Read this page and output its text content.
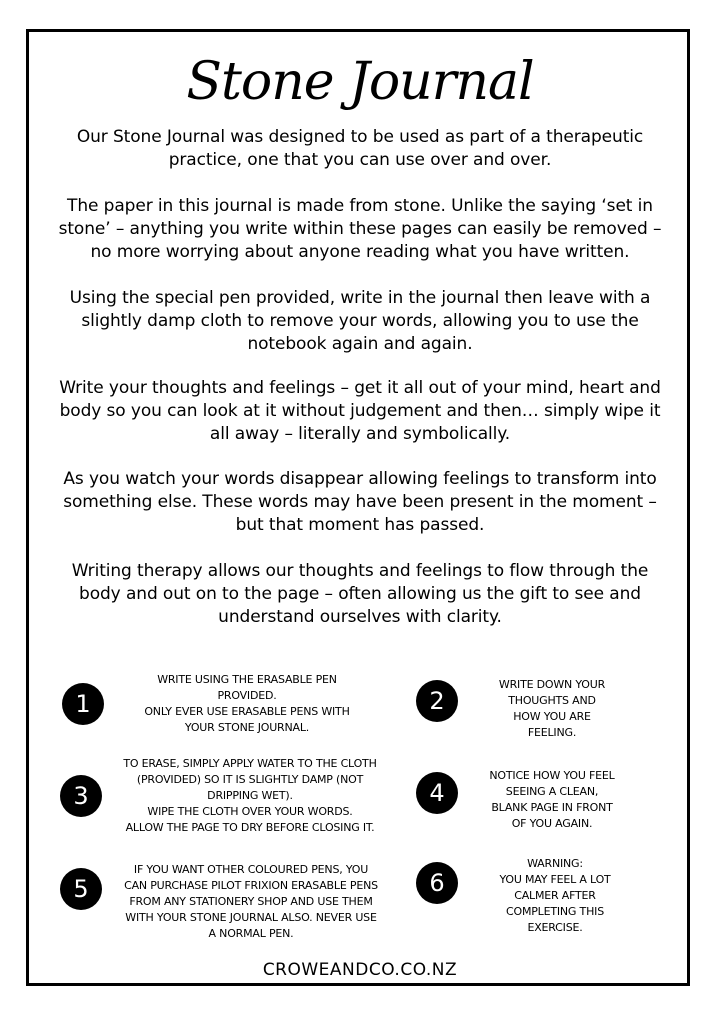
Stone Journal
Our Stone Journal was designed to be used as part of a therapeutic
practice, one that you can use over and over.
The paper in this journal is made from stone. Unlike the saying ‘set in
stone’ – anything you write within these pages can easily be removed –
no more worrying about anyone reading what you have written.
Using the special pen provided, write in the journal then leave with a
slightly damp cloth to remove your words, allowing you to use the
notebook again and again.
Write your thoughts and feelings – get it all out of your mind, heart and
body so you can look at it without judgement and then… simply wipe it
all away – literally and symbolically.
As you watch your words disappear allowing feelings to transform into
something else. These words may have been present in the moment –
but that moment has passed.
Writing therapy allows our thoughts and feelings to flow through the
body and out on to the page – often allowing us the gift to see and
understand ourselves with clarity.
1
WRITE USING THE ERASABLE PEN
PROVIDED.
ONLY EVER USE ERASABLE PENS WITH
YOUR STONE JOURNAL.
2
WRITE DOWN YOUR
THOUGHTS AND
HOW YOU ARE
FEELING.
3
TO ERASE, SIMPLY APPLY WATER TO THE CLOTH
(PROVIDED) SO IT IS SLIGHTLY DAMP (NOT
DRIPPING WET).
WIPE THE CLOTH OVER YOUR WORDS.
ALLOW THE PAGE TO DRY BEFORE CLOSING IT.
4
NOTICE HOW YOU FEEL
SEEING A CLEAN,
BLANK PAGE IN FRONT
OF YOU AGAIN.
5
IF YOU WANT OTHER COLOURED PENS, YOU
CAN PURCHASE PILOT FRIXION ERASABLE PENS
FROM ANY STATIONERY SHOP AND USE THEM
WITH YOUR STONE JOURNAL ALSO. NEVER USE
A NORMAL PEN.
6
WARNING:
YOU MAY FEEL A LOT
CALMER AFTER
COMPLETING THIS
EXERCISE.
CROWEANDCO.CO.NZ
